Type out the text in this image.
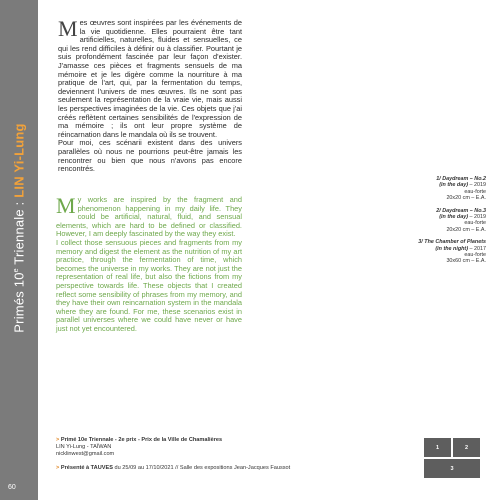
Primés 10e Triennale : LIN Yi-Lung
60
Mes œuvres sont inspirées par les événements de la vie quotidienne. Elles pourraient être tant artificielles, naturelles, fluides et sensuelles, ce qui les rend difficiles à définir ou à classifier. Pourtant je suis profondément fascinée par leur façon d'exister. J'amasse ces pièces et fragments sensuels de ma mémoire et je les digère comme la nourriture à ma pratique de l'art, qui, par la fermentation du temps, deviennent l'univers de mes œuvres. Ils ne sont pas seulement la représentation de la vraie vie, mais aussi les perspectives imaginées de la vie. Ces objets que j'ai créés reflètent certaines sensibilités de l'expression de ma mémoire ; ils ont leur propre système de réincarnation dans le mandala où ils se trouvent.
Pour moi, ces scénarii existent dans des univers parallèles où nous ne pourrions peut-être jamais les rencontrer ou bien que nous n'avons pas encore rencontrés.
My works are inspired by the fragment and phenomenon happening in my daily life. They could be artificial, natural, fluid, and sensual elements, which are hard to be defined or classified. However, I am deeply fascinated by the way they exist.
I collect those sensuous pieces and fragments from my memory and digest the element as the nutrition of my art practice, through the fermentation of time, which becomes the universe in my works. They are not just the representation of real life, but also the fictions from my perspective towards life. These objects that I created reflect some sensibility of phrases from my memory, and they have their own reincarnation system in the mandala where they are found. For me, these scenarios exist in parallel universes where we could have never or have just not yet encountered.
1/ Daydream – No.2
(in the day) – 2019
eau-forte
20x20 cm – E.A.
2/ Daydream – No.3
(in the day) – 2019
eau-forte
20x20 cm – E.A.
3/ The Chamber of Planets
(in the night) – 2017
eau-forte
30x60 cm – E.A.
> Primé 10e Triennale - 2e prix - Prix de la Ville de Chamalières
LIN Yi-Lung - TAÏWAN
nicklinwest@gmail.com
> Présenté à TAUVES du 25/09 au 17/10/2021 // Salle des expositions Jean-Jacques Faussot
1	2
3
